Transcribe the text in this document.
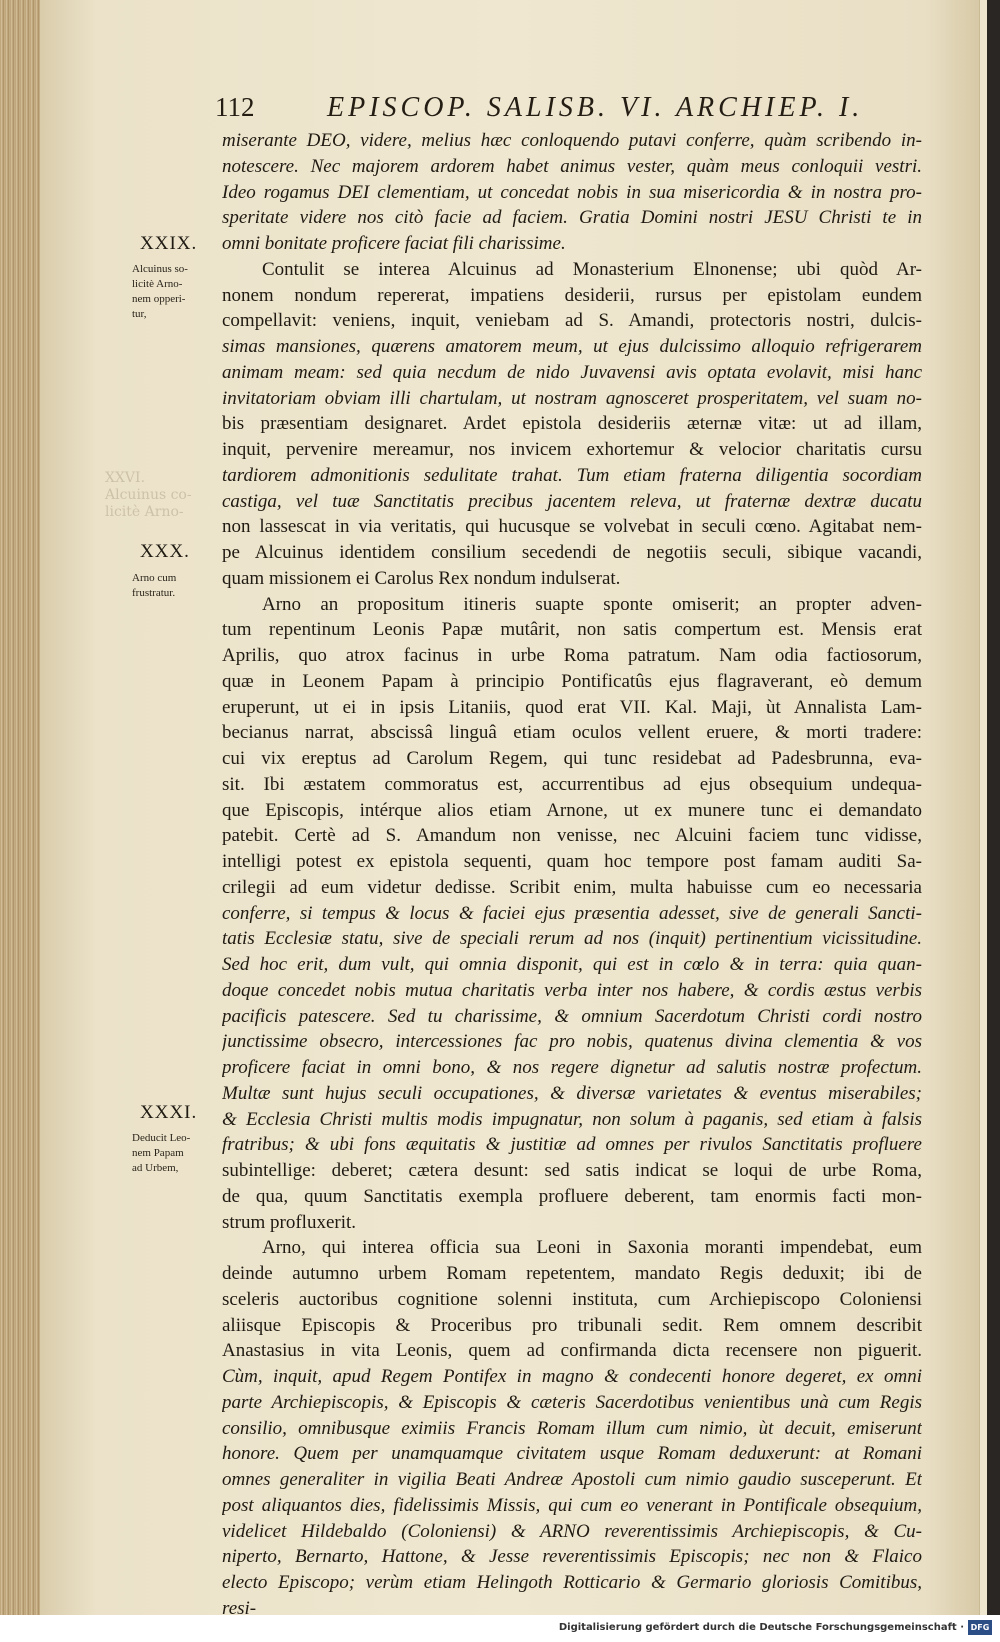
XXVI.
Alcuinus co-
licitè Arno-
112	EPISCOP. SALISB. VI. ARCHIEP. I.
XXIX.
Alcuinus so-
licitè Arno-
nem opperi-
tur,
XXX.
Arno cum
frustratur.
XXXI.
Deducit Leo-
nem Papam
ad Urbem,
miserante DEO, videre, melius hæc conloquendo putavi conferre, quàm scribendo in-
notescere. Nec majorem ardorem habet animus vester, quàm meus conloquii vestri.
Ideo rogamus DEI clementiam, ut concedat nobis in sua misericordia & in nostra pro-
speritate videre nos citò facie ad faciem. Gratia Domini nostri JESU Christi te in
omni bonitate proficere faciat fili charissime.
Contulit se interea Alcuinus ad Monasterium Elnonense; ubi quòd Ar-
nonem nondum repererat, impatiens desiderii, rursus per epistolam eundem
compellavit: veniens, inquit, veniebam ad S. Amandi, protectoris nostri, dulcis-
simas mansiones, quærens amatorem meum, ut ejus dulcissimo alloquio refrigerarem
animam meam: sed quia necdum de nido Juvavensi avis optata evolavit, misi hanc
invitatoriam obviam illi chartulam, ut nostram agnosceret prosperitatem, vel suam no-
bis præsentiam designaret. Ardet epistola desideriis æternæ vitæ: ut ad illam,
inquit, pervenire mereamur, nos invicem exhortemur & velocior charitatis cursu
tardiorem admonitionis sedulitate trahat. Tum etiam fraterna diligentia socordiam
castiga, vel tuæ Sanctitatis precibus jacentem releva, ut fraternæ dextræ ducatu
non lassescat in via veritatis, qui hucusque se volvebat in seculi cœno. Agitabat nem-
pe Alcuinus identidem consilium secedendi de negotiis seculi, sibique vacandi,
quam missionem ei Carolus Rex nondum indulserat.
Arno an propositum itineris suapte sponte omiserit; an propter adven-
tum repentinum Leonis Papæ mutârit, non satis compertum est. Mensis erat
Aprilis, quo atrox facinus in urbe Roma patratum. Nam odia factiosorum,
quæ in Leonem Papam à principio Pontificatûs ejus flagraverant, eò demum
eruperunt, ut ei in ipsis Litaniis, quod erat VII. Kal. Maji, ùt Annalista Lam-
becianus narrat, abscissâ linguâ etiam oculos vellent eruere, & morti tradere:
cui vix ereptus ad Carolum Regem, qui tunc residebat ad Padesbrunna, eva-
sit. Ibi æstatem commoratus est, accurrentibus ad ejus obsequium undequa-
que Episcopis, intérque alios etiam Arnone, ut ex munere tunc ei demandato
patebit. Certè ad S. Amandum non venisse, nec Alcuini faciem tunc vidisse,
intelligi potest ex epistola sequenti, quam hoc tempore post famam auditi Sa-
crilegii ad eum videtur dedisse. Scribit enim, multa habuisse cum eo necessaria
conferre, si tempus & locus & faciei ejus præsentia adesset, sive de generali Sancti-
tatis Ecclesiæ statu, sive de speciali rerum ad nos (inquit) pertinentium vicissitudine.
Sed hoc erit, dum vult, qui omnia disponit, qui est in cœlo & in terra: quia quan-
doque concedet nobis mutua charitatis verba inter nos habere, & cordis æstus verbis
pacificis patescere. Sed tu charissime, & omnium Sacerdotum Christi cordi nostro
junctissime obsecro, intercessiones fac pro nobis, quatenus divina clementia & vos
proficere faciat in omni bono, & nos regere dignetur ad salutis nostræ profectum.
Multæ sunt hujus seculi occupationes, & diversæ varietates & eventus miserabiles;
& Ecclesia Christi multis modis impugnatur, non solum à paganis, sed etiam à falsis
fratribus; & ubi fons æquitatis & justitiæ ad omnes per rivulos Sanctitatis profluere
subintellige: deberet; cætera desunt: sed satis indicat se loqui de urbe Roma,
de qua, quum Sanctitatis exempla profluere deberent, tam enormis facti mon-
strum profluxerit.
Arno, qui interea officia sua Leoni in Saxonia moranti impendebat, eum
deinde autumno urbem Romam repetentem, mandato Regis deduxit; ibi de
sceleris auctoribus cognitione solenni instituta, cum Archiepiscopo Coloniensi
aliisque Episcopis & Proceribus pro tribunali sedit. Rem omnem describit
Anastasius in vita Leonis, quem ad confirmanda dicta recensere non piguerit.
Cùm, inquit, apud Regem Pontifex in magno & condecenti honore degeret, ex omni
parte Archiepiscopis, & Episcopis & cæteris Sacerdotibus venientibus unà cum Regis
consilio, omnibusque eximiis Francis Romam illum cum nimio, ùt decuit, emiserunt
honore. Quem per unamquamque civitatem usque Romam deduxerunt: at Romani
omnes generaliter in vigilia Beati Andreæ Apostoli cum nimio gaudio susceperunt. Et
post aliquantos dies, fidelissimis Missis, qui cum eo venerant in Pontificale obsequium,
videlicet Hildebaldo (Coloniensi) & ARNO reverentissimis Archiepiscopis, & Cu-
niperto, Bernarto, Hattone, & Jesse reverentissimis Episcopis; nec non & Flaico
electo Episcopo; verùm etiam Helingoth Rotticario & Germario gloriosis Comitibus,
resi-
Digitalisierung gefördert durch die Deutsche Forschungsgemeinschaft · DFG
